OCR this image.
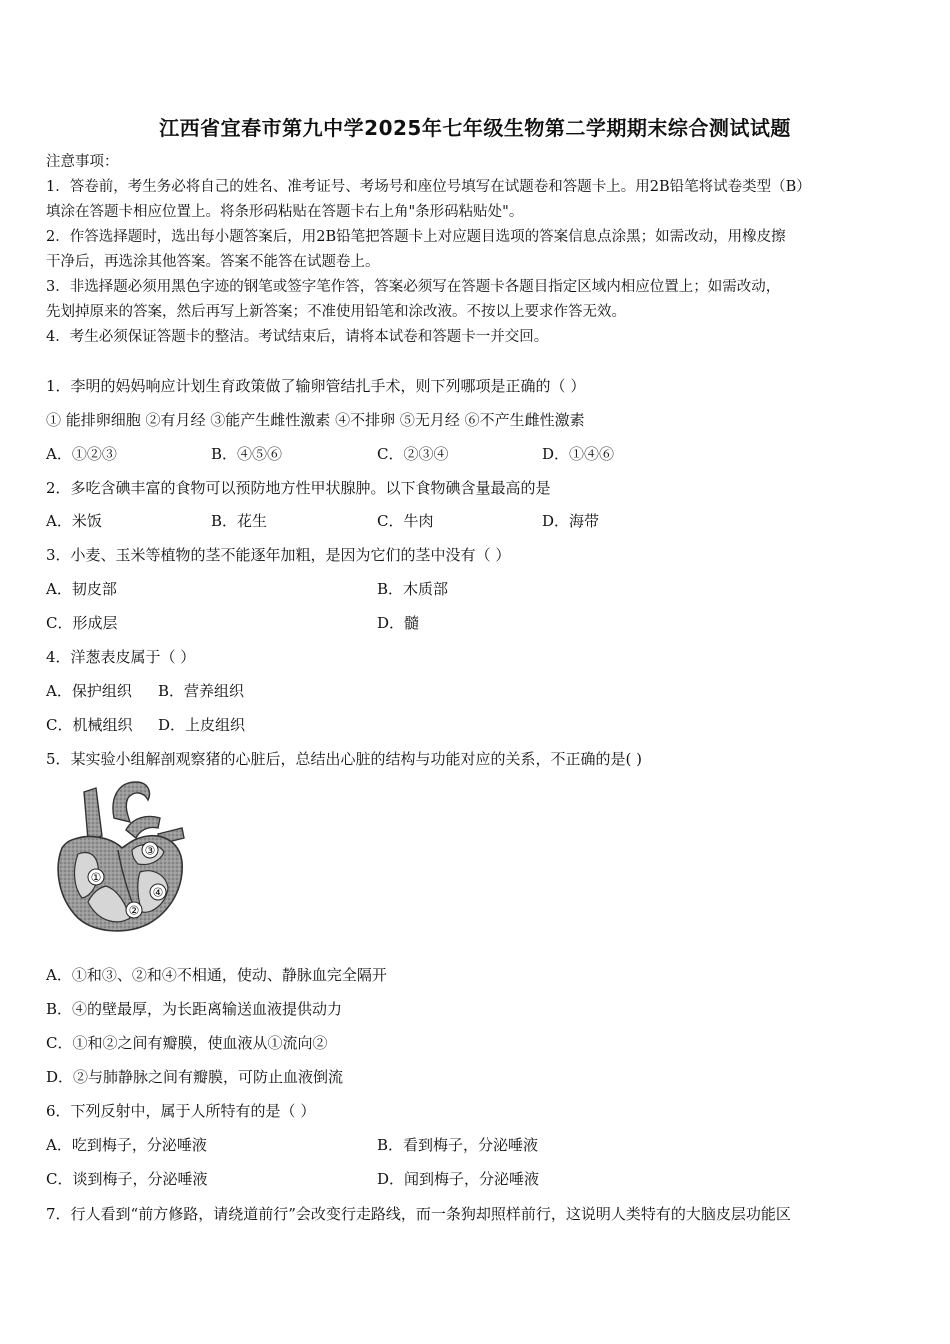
江西省宜春市第九中学2025年七年级生物第二学期期末综合测试试题
注意事项：
1．答卷前，考生务必将自己的姓名、准考证号、考场号和座位号填写在试题卷和答题卡上。用2B铅笔将试卷类型（B）
填涂在答题卡相应位置上。将条形码粘贴在答题卡右上角"条形码粘贴处"。
2．作答选择题时，选出每小题答案后，用2B铅笔把答题卡上对应题目选项的答案信息点涂黑；如需改动，用橡皮擦
干净后，再选涂其他答案。答案不能答在试题卷上。
3．非选择题必须用黑色字迹的钢笔或签字笔作答，答案必须写在答题卡各题目指定区域内相应位置上；如需改动，
先划掉原来的答案，然后再写上新答案；不准使用铅笔和涂改液。不按以上要求作答无效。
4．考生必须保证答题卡的整洁。考试结束后，请将本试卷和答题卡一并交回。
1．李明的妈妈响应计划生育政策做了输卵管结扎手术，则下列哪项是正确的（ ）
① 能排卵细胞 ②有月经 ③能产生雌性激素 ④不排卵 ⑤无月经 ⑥不产生雌性激素
A．①②③	B．④⑤⑥	C．②③④	D．①④⑥
2．多吃含碘丰富的食物可以预防地方性甲状腺肿。以下食物碘含量最高的是
A．米饭	B．花生	C．牛肉	D．海带
3．小麦、玉米等植物的茎不能逐年加粗，是因为它们的茎中没有（ ）
A．韧皮部	B．木质部
C．形成层	D．髓
4．洋葱表皮属于（ ）
A．保护组织 B．营养组织
C．机械组织 D．上皮组织
5．某实验小组解剖观察猪的心脏后，总结出心脏的结构与功能对应的关系，不正确的是( )
①
②
③
④
A．①和③、②和④不相通，使动、静脉血完全隔开
B．④的壁最厚，为长距离输送血液提供动力
C．①和②之间有瓣膜，使血液从①流向②
D．②与肺静脉之间有瓣膜，可防止血液倒流
6．下列反射中，属于人所特有的是（ ）
A．吃到梅子，分泌唾液	B．看到梅子，分泌唾液
C．谈到梅子，分泌唾液	D．闻到梅子，分泌唾液
7．行人看到“前方修路，请绕道前行”会改变行走路线，而一条狗却照样前行，这说明人类特有的大脑皮层功能区
